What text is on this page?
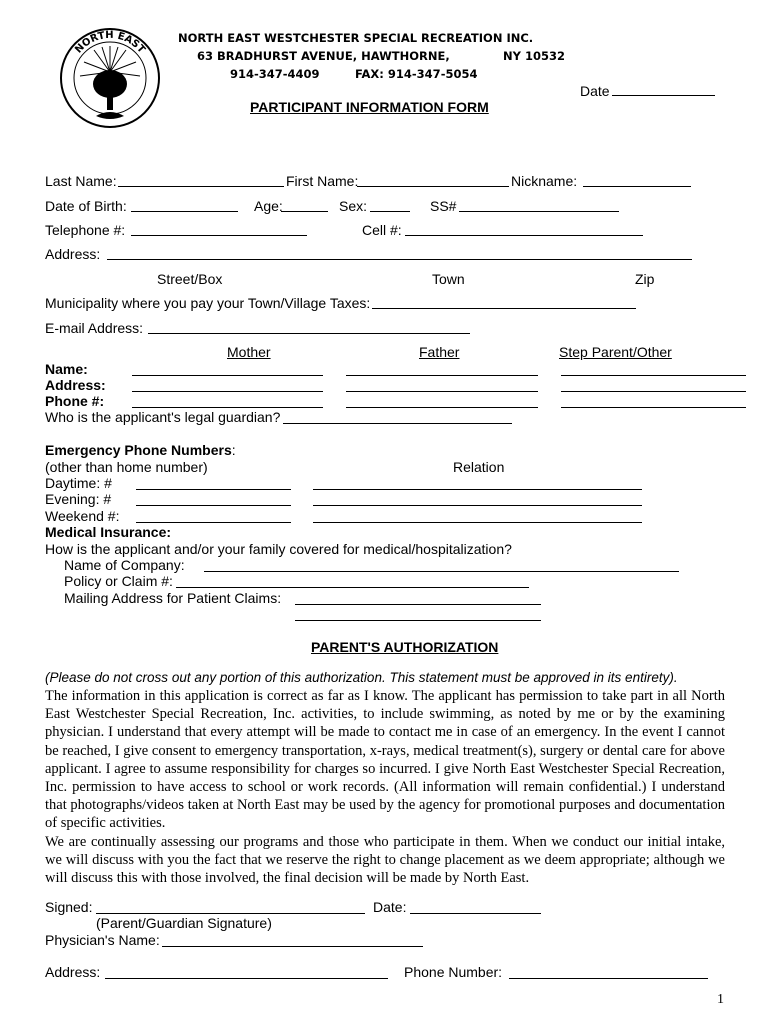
NORTH EAST
NORTH EAST WESTCHESTER SPECIAL RECREATION INC.
63 BRADHURST AVENUE, HAWTHORNE,	NY 10532
914-347-4409	FAX: 914-347-5054
Date
PARTICIPANT INFORMATION FORM
Last Name:	First Name:	Nickname:
Date of Birth:	Age:	Sex:	SS#
Telephone #:	Cell #:
Address:
Street/Box	Town	Zip
Municipality where you pay your Town/Village Taxes:
E-mail Address:
Mother	Father	Step Parent/Other
Name:
Address:
Phone #:
Who is the applicant's legal guardian?
Emergency Phone Numbers:
(other than home number)	Relation
Daytime: #
Evening: #
Weekend #:
Medical Insurance:
How is the applicant and/or your family covered for medical/hospitalization?
Name of Company:
Policy or Claim #:
Mailing Address for Patient Claims:
PARENT'S AUTHORIZATION
(Please do not cross out any portion of this authorization. This statement must be approved in its entirety).

The information in this application is correct as far as I know. The applicant has permission to take part in all North East Westchester Special Recreation, Inc. activities, to include swimming, as noted by me or by the examining physician. I understand that every attempt will be made to contact me in case of an emergency. In the event I cannot be reached, I give consent to emergency transportation, x-rays, medical treatment(s), surgery or dental care for above applicant. I agree to assume responsibility for charges so incurred. I give North East Westchester Special Recreation, Inc. permission to have access to school or work records. (All information will remain confidential.) I understand that photographs/videos taken at North East may be used by the agency for promotional purposes and documentation of specific activities.

We are continually assessing our programs and those who participate in them. When we conduct our initial intake, we will discuss with you the fact that we reserve the right to change placement as we deem appropriate; although we will discuss this with those involved, the final decision will be made by North East.

Signed:	Date:
(Parent/Guardian Signature)
Physician's Name:
Address:	Phone Number:
1
